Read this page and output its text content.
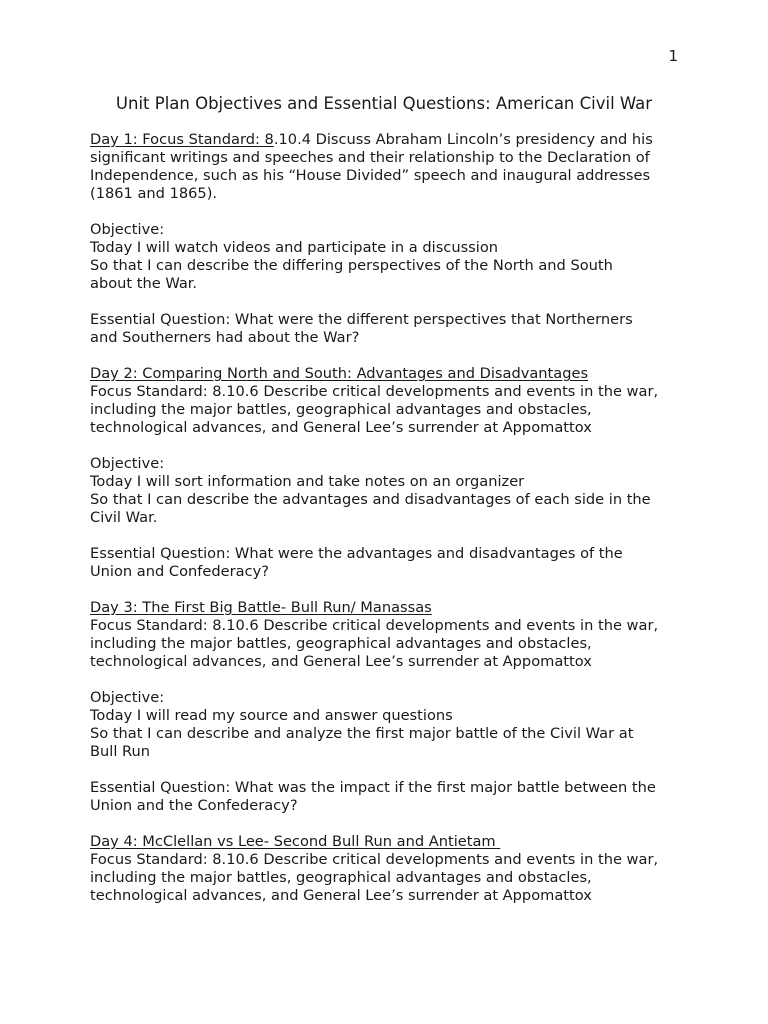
1
Unit Plan Objectives and Essential Questions: American Civil War
Day 1: Focus Standard: 8.10.4 Discuss Abraham Lincoln’s presidency and his
significant writings and speeches and their relationship to the Declaration of
Independence, such as his “House Divided” speech and inaugural addresses
(1861 and 1865).
Objective:
Today I will watch videos and participate in a discussion
So that I can describe the differing perspectives of the North and South
about the War.
Essential Question: What were the different perspectives that Northerners
and Southerners had about the War?
Day 2: Comparing North and South: Advantages and Disadvantages
Focus Standard: 8.10.6 Describe critical developments and events in the war,
including the major battles, geographical advantages and obstacles,
technological advances, and General Lee’s surrender at Appomattox
Objective:
Today I will sort information and take notes on an organizer
So that I can describe the advantages and disadvantages of each side in the
Civil War.
Essential Question: What were the advantages and disadvantages of the
Union and Confederacy?
Day 3: The First Big Battle- Bull Run/ Manassas
Focus Standard: 8.10.6 Describe critical developments and events in the war,
including the major battles, geographical advantages and obstacles,
technological advances, and General Lee’s surrender at Appomattox
Objective:
Today I will read my source and answer questions
So that I can describe and analyze the first major battle of the Civil War at
Bull Run
Essential Question: What was the impact if the first major battle between the
Union and the Confederacy?
Day 4: McClellan vs Lee- Second Bull Run and Antietam
Focus Standard: 8.10.6 Describe critical developments and events in the war,
including the major battles, geographical advantages and obstacles,
technological advances, and General Lee’s surrender at Appomattox
